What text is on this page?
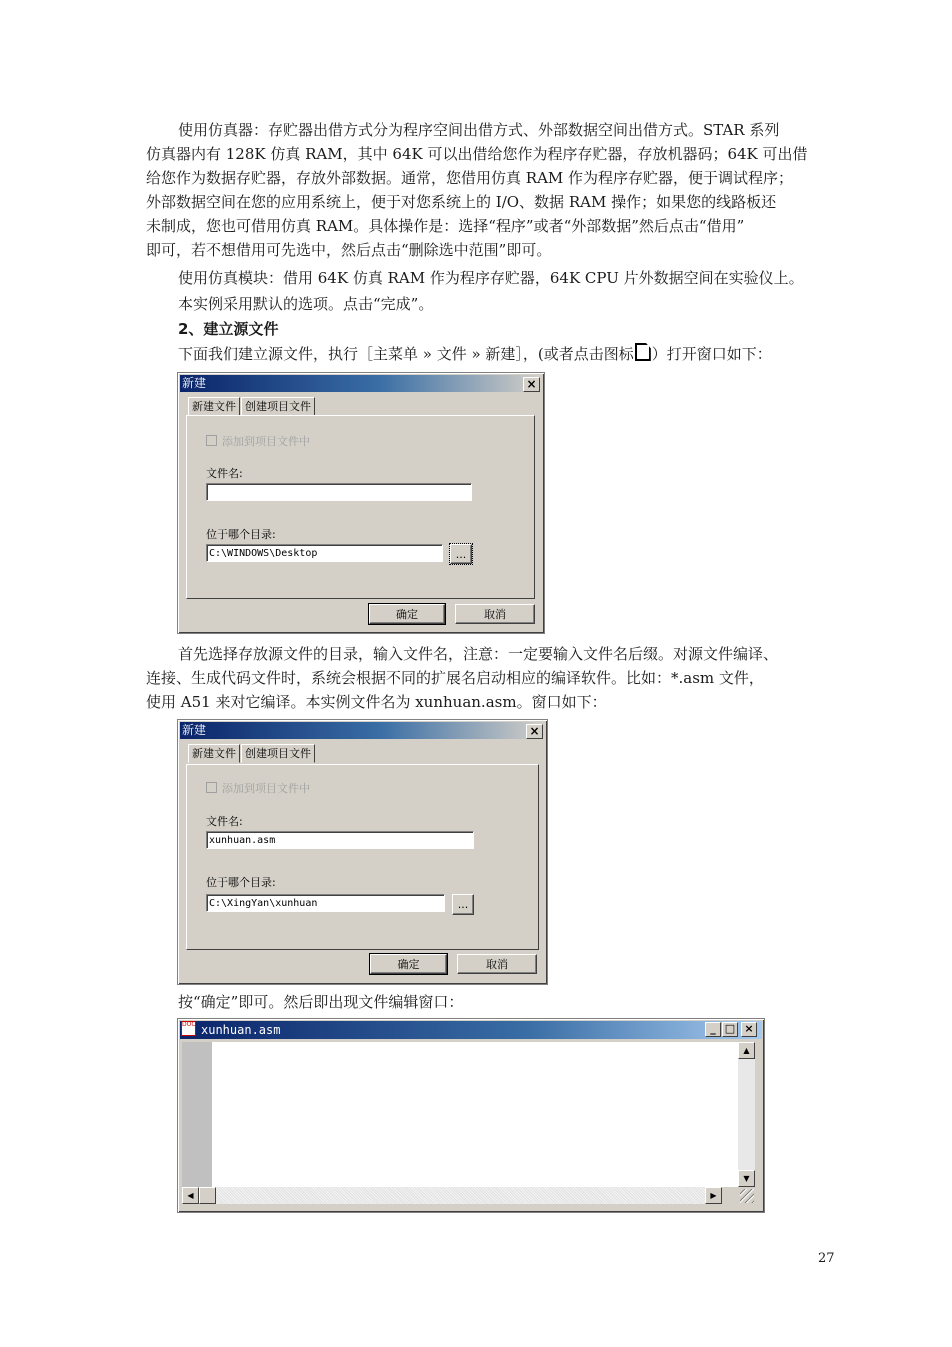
使用仿真器：存贮器出借方式分为程序空间出借方式、外部数据空间出借方式。STAR 系列
仿真器内有 128K 仿真 RAM，其中 64K 可以出借给您作为程序存贮器，存放机器码；64K 可出借
给您作为数据存贮器，存放外部数据。通常，您借用仿真 RAM 作为程序存贮器，便于调试程序；
外部数据空间在您的应用系统上，便于对您系统上的 I/O、数据 RAM 操作；如果您的线路板还
未制成，您也可借用仿真 RAM。具体操作是：选择“程序”或者“外部数据”然后点击“借用”
即可，若不想借用可先选中，然后点击“删除选中范围”即可。
使用仿真模块：借用 64K 仿真 RAM 作为程序存贮器，64K CPU 片外数据空间在实验仪上。
本实例采用默认的选项。点击“完成”。
2、建立源文件
下面我们建立源文件，执行［主菜单 » 文件 » 新建］，(或者点击图标 ）打开窗口如下：
新建	×
新建文件 创建项目文件
添加到项目文件中
文件名:
位于哪个目录:
C:\WINDOWS\Desktop	...
确定	取消
首先选择存放源文件的目录，输入文件名，注意：一定要输入文件名后缀。对源文件编译、
连接、生成代码文件时，系统会根据不同的扩展名启动相应的编译软件。比如：*.asm 文件，
使用 A51 来对它编译。本实例文件名为 xunhuan.asm。窗口如下：
新建	×
新建文件 创建项目文件
添加到项目文件中
文件名:
xunhuan.asm
位于哪个目录:
C:\XingYan\xunhuan	...
确定	取消
按“确定”即可。然后即出现文件编辑窗口：
xunhuan.asm
DOC	_ □ ×
▲
▼
◀	▶
27
